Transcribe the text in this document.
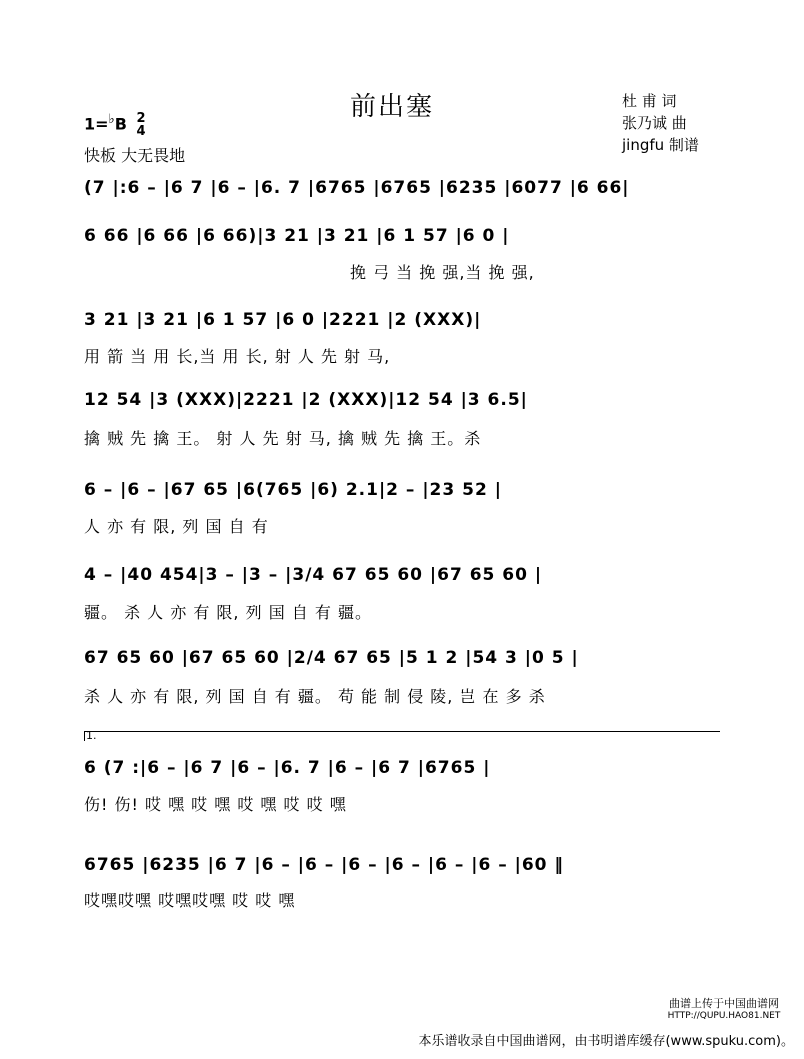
前出塞	杜 甫 词
张乃诚 曲
jingfu 制谱
1=♭B 2
4
快板 大无畏地
(7 |:6 – |6 7 |6 – |6. 7 |6765 |6765 |6235 |6077 |6 66|
6 66 |6 66 |6 66)|3 21 |3 21 |6 1 57 |6 0 |
挽 弓 当 挽 强,当 挽 强,
3 21 |3 21 |6 1 57 |6 0 |2221 |2 (XXX)|
用 箭 当 用 长,当 用 长, 射 人 先 射 马,
12 54 |3 (XXX)|2221 |2 (XXX)|12 54 |3 6.5|
擒 贼 先 擒 王。 射 人 先 射 马, 擒 贼 先 擒 王。杀
6 – |6 – |67 65 |6(765 |6) 2.1|2 – |23 52 |
人 亦 有 限, 列 国 自 有
4 – |40 454|3 – |3 – |3/4 67 65 60 |67 65 60 |
疆。 杀 人 亦 有 限, 列 国 自 有 疆。
67 65 60 |67 65 60 |2/4 67 65 |5 1 2 |54 3 |0 5 |
杀 人 亦 有 限, 列 国 自 有 疆。 苟 能 制 侵 陵, 岂 在 多 杀
1.
6 (7 :|6 – |6 7 |6 – |6. 7 |6 – |6 7 |6765 |
伤! 伤! 哎 嘿 哎 嘿 哎 嘿 哎 哎 嘿
6765 |6235 |6 7 |6 – |6 – |6 – |6 – |6 – |6 – |60 ‖
哎嘿哎嘿 哎嘿哎嘿 哎 哎 嘿
曲谱上传于中国曲谱网
HTTP://QUPU.HAO81.NET
本乐谱收录自中国曲谱网，由书明谱库缓存(www.spuku.com)。
